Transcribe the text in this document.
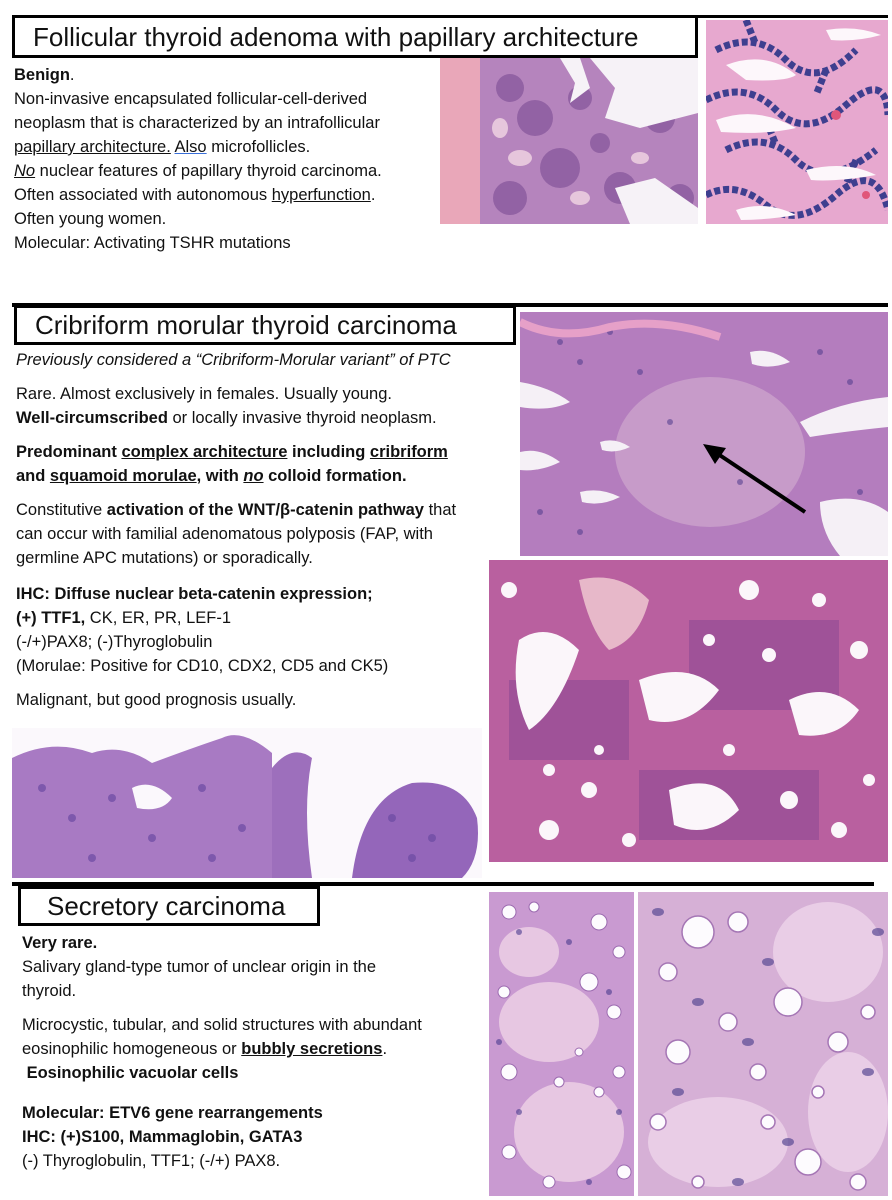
Follicular thyroid adenoma with papillary architecture

Benign.

Non-invasive encapsulated follicular-cell-derived

neoplasm that is characterized by an intrafollicular

papillary architecture. Also microfollicles.

No nuclear features of papillary thyroid carcinoma.

Often associated with autonomous hyperfunction.

Often young women.

Molecular: Activating TSHR mutations

Cribriform morular thyroid carcinoma

Previously considered a “Cribriform-Morular variant” of PTC

Rare. Almost exclusively in females. Usually young.

Well-circumscribed or locally invasive thyroid neoplasm.

Predominant complex architecture including cribriform

and squamoid morulae, with no colloid formation.

Constitutive activation of the WNT/β-catenin pathway that

can occur with familial adenomatous polyposis (FAP, with

germline APC mutations) or sporadically.

IHC: Diffuse nuclear beta-catenin expression;

(+) TTF1, CK, ER, PR, LEF-1

(-/+)PAX8; (-)Thyroglobulin

(Morulae: Positive for CD10, CDX2, CD5 and CK5)

Malignant, but good prognosis usually.

Secretory carcinoma

Very rare.

Salivary gland-type tumor of unclear origin in the

thyroid.

Microcystic, tubular, and solid structures with abundant

eosinophilic homogeneous or bubbly secretions.

Eosinophilic vacuolar cells

Molecular: ETV6 gene rearrangements

IHC: (+)S100, Mammaglobin, GATA3

(-) Thyroglobulin, TTF1; (-/+) PAX8.
